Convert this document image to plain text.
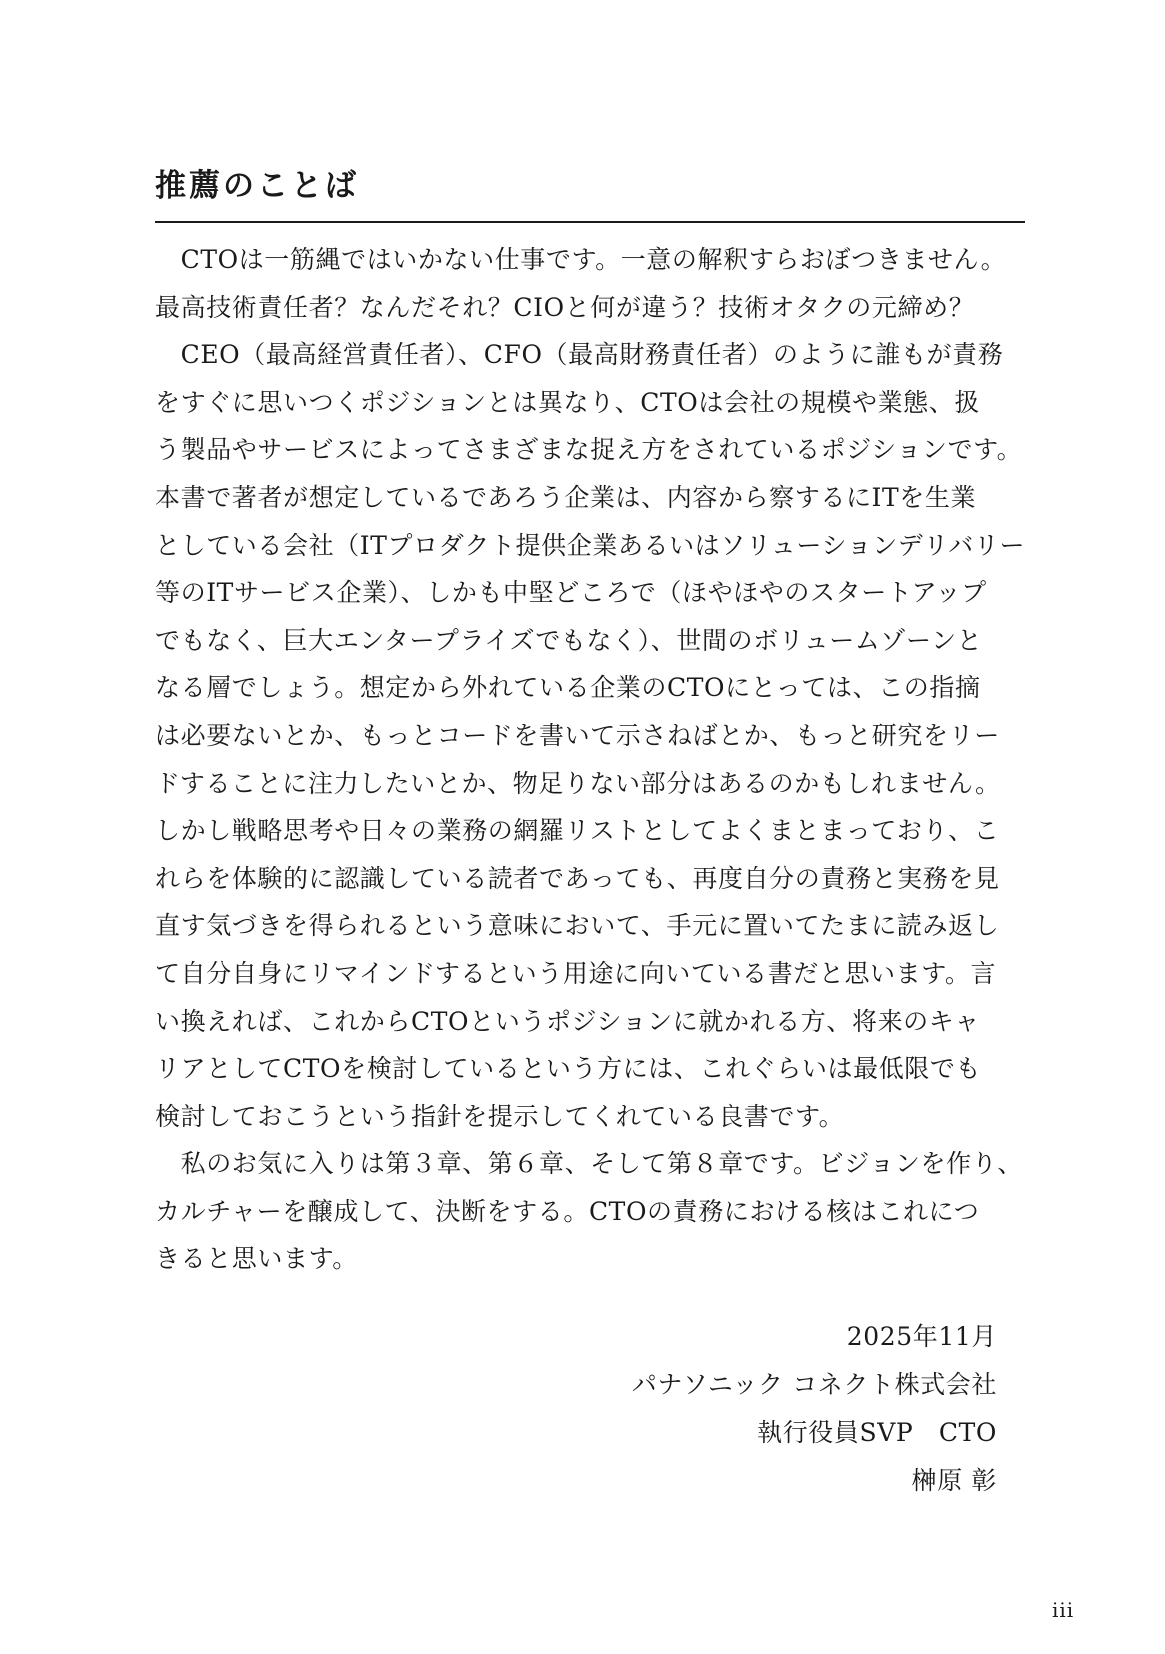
推薦のことば
　CTOは一筋縄ではいかない仕事です。一意の解釈すらおぼつきません。
最高技術責任者？なんだそれ？CIOと何が違う？技術オタクの元締め？
　CEO（最高経営責任者）、CFO（最高財務責任者）のように誰もが責務
をすぐに思いつくポジションとは異なり、CTOは会社の規模や業態、扱
う製品やサービスによってさまざまな捉え方をされているポジションです。
本書で著者が想定しているであろう企業は、内容から察するにITを生業
としている会社（ITプロダクト提供企業あるいはソリューションデリバリー
等のITサービス企業）、しかも中堅どころで（ほやほやのスタートアップ
でもなく、巨大エンタープライズでもなく）、世間のボリュームゾーンと
なる層でしょう。想定から外れている企業のCTOにとっては、この指摘
は必要ないとか、もっとコードを書いて示さねばとか、もっと研究をリー
ドすることに注力したいとか、物足りない部分はあるのかもしれません。
しかし戦略思考や日々の業務の網羅リストとしてよくまとまっており、こ
れらを体験的に認識している読者であっても、再度自分の責務と実務を見
直す気づきを得られるという意味において、手元に置いてたまに読み返し
て自分自身にリマインドするという用途に向いている書だと思います。言
い換えれば、これからCTOというポジションに就かれる方、将来のキャ
リアとしてCTOを検討しているという方には、これぐらいは最低限でも
検討しておこうという指針を提示してくれている良書です。
　私のお気に入りは第３章、第６章、そして第８章です。ビジョンを作り、
カルチャーを醸成して、決断をする。CTOの責務における核はこれにつ
きると思います。
2025年11月
パナソニック コネクト株式会社
執行役員SVP　CTO
榊原 彰
iii
